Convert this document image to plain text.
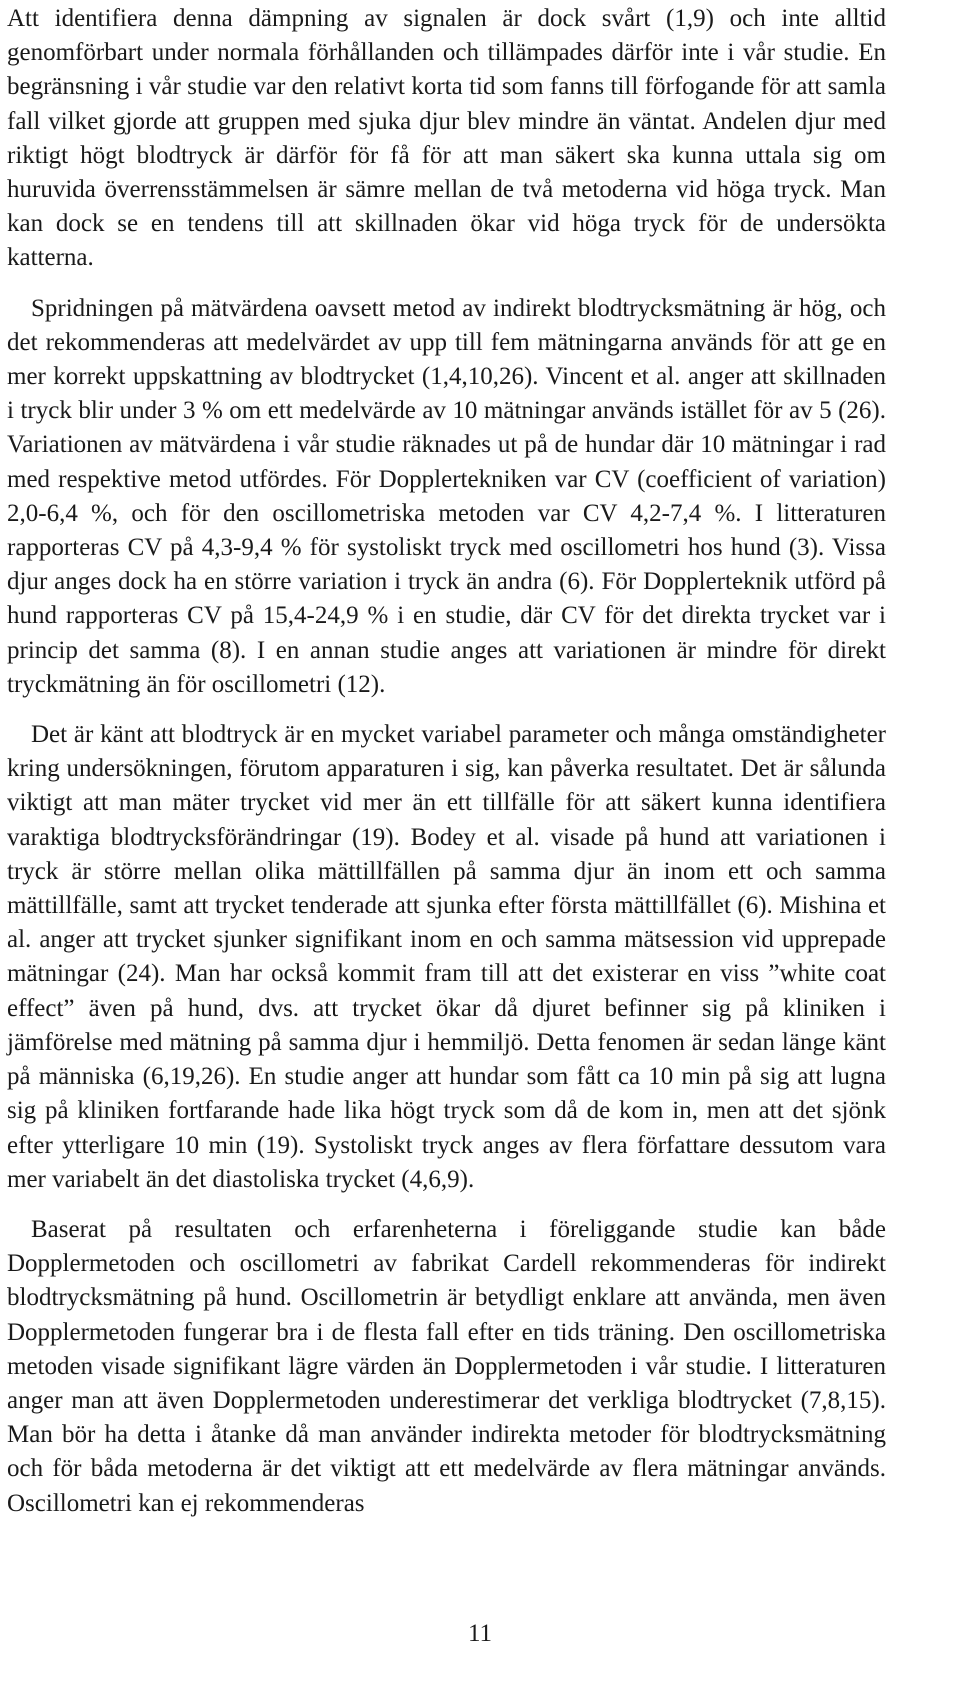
Att identifiera denna dämpning av signalen är dock svårt (1,9) och inte alltid genomförbart under normala förhållanden och tillämpades därför inte i vår studie. En begränsning i vår studie var den relativt korta tid som fanns till förfogande för att samla fall vilket gjorde att gruppen med sjuka djur blev mindre än väntat. Andelen djur med riktigt högt blodtryck är därför för få för att man säkert ska kunna uttala sig om huruvida överrensstämmelsen är sämre mellan de två metoderna vid höga tryck. Man kan dock se en tendens till att skillnaden ökar vid höga tryck för de undersökta katterna.

Spridningen på mätvärdena oavsett metod av indirekt blodtrycksmätning är hög, och det rekommenderas att medelvärdet av upp till fem mätningarna används för att ge en mer korrekt uppskattning av blodtrycket (1,4,10,26). Vincent et al. anger att skillnaden i tryck blir under 3 % om ett medelvärde av 10 mätningar används istället för av 5 (26). Variationen av mätvärdena i vår studie räknades ut på de hundar där 10 mätningar i rad med respektive metod utfördes. För Dopplertekniken var CV (coefficient of variation) 2,0-6,4 %, och för den oscillometriska metoden var CV 4,2-7,4 %. I litteraturen rapporteras CV på 4,3-9,4 % för systoliskt tryck med oscillometri hos hund (3). Vissa djur anges dock ha en större variation i tryck än andra (6). För Dopplerteknik utförd på hund rapporteras CV på 15,4-24,9 % i en studie, där CV för det direkta trycket var i princip det samma (8). I en annan studie anges att variationen är mindre för direkt tryckmätning än för oscillometri (12).

Det är känt att blodtryck är en mycket variabel parameter och många omständigheter kring undersökningen, förutom apparaturen i sig, kan påverka resultatet. Det är sålunda viktigt att man mäter trycket vid mer än ett tillfälle för att säkert kunna identifiera varaktiga blodtrycksförändringar (19). Bodey et al. visade på hund att variationen i tryck är större mellan olika mättillfällen på samma djur än inom ett och samma mättillfälle, samt att trycket tenderade att sjunka efter första mättillfället (6). Mishina et al. anger att trycket sjunker signifikant inom en och samma mätsession vid upprepade mätningar (24). Man har också kommit fram till att det existerar en viss ”white coat effect” även på hund, dvs. att trycket ökar då djuret befinner sig på kliniken i jämförelse med mätning på samma djur i hemmiljö. Detta fenomen är sedan länge känt på människa (6,19,26). En studie anger att hundar som fått ca 10 min på sig att lugna sig på kliniken fortfarande hade lika högt tryck som då de kom in, men att det sjönk efter ytterligare 10 min (19). Systoliskt tryck anges av flera författare dessutom vara mer variabelt än det diastoliska trycket (4,6,9).

Baserat på resultaten och erfarenheterna i föreliggande studie kan både Dopplermetoden och oscillometri av fabrikat Cardell rekommenderas för indirekt blodtrycksmätning på hund. Oscillometrin är betydligt enklare att använda, men även Dopplermetoden fungerar bra i de flesta fall efter en tids träning. Den oscillometriska metoden visade signifikant lägre värden än Dopplermetoden i vår studie. I litteraturen anger man att även Dopplermetoden underestimerar det verkliga blodtrycket (7,8,15). Man bör ha detta i åtanke då man använder indirekta metoder för blodtrycksmätning och för båda metoderna är det viktigt att ett medelvärde av flera mätningar används. Oscillometri kan ej rekommenderas

11
